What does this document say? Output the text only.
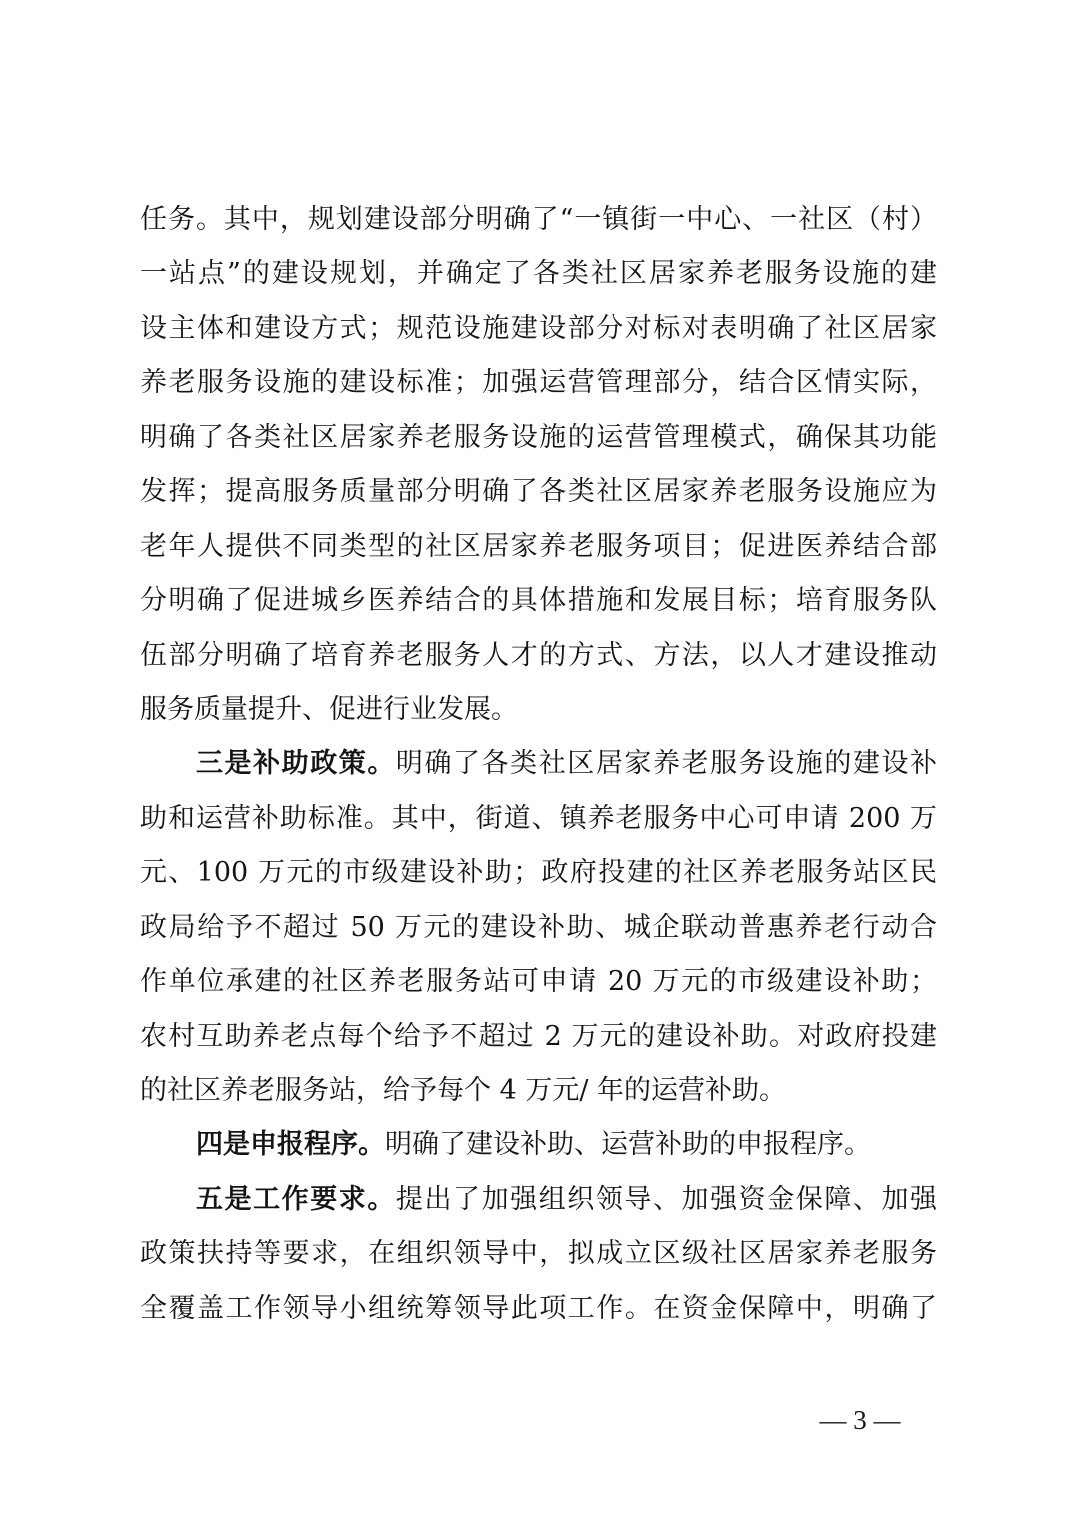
任务。其中，规划建设部分明确了“一镇街一中心、一社区（村）
一站点”的建设规划，并确定了各类社区居家养老服务设施的建
设主体和建设方式；规范设施建设部分对标对表明确了社区居家
养老服务设施的建设标准；加强运营管理部分，结合区情实际，
明确了各类社区居家养老服务设施的运营管理模式，确保其功能
发挥；提高服务质量部分明确了各类社区居家养老服务设施应为
老年人提供不同类型的社区居家养老服务项目；促进医养结合部
分明确了促进城乡医养结合的具体措施和发展目标；培育服务队
伍部分明确了培育养老服务人才的方式、方法，以人才建设推动
服务质量提升、促进行业发展。
三是补助政策。明确了各类社区居家养老服务设施的建设补
助和运营补助标准。其中，街道、镇养老服务中心可申请 200 万
元、100 万元的市级建设补助；政府投建的社区养老服务站区民
政局给予不超过 50 万元的建设补助、城企联动普惠养老行动合
作单位承建的社区养老服务站可申请 20 万元的市级建设补助；
农村互助养老点每个给予不超过 2 万元的建设补助。对政府投建
的社区养老服务站，给予每个 4 万元/ 年的运营补助。
四是申报程序。明确了建设补助、运营补助的申报程序。
五是工作要求。提出了加强组织领导、加强资金保障、加强
政策扶持等要求，在组织领导中，拟成立区级社区居家养老服务
全覆盖工作领导小组统筹领导此项工作。在资金保障中，明确了
— 3 —
